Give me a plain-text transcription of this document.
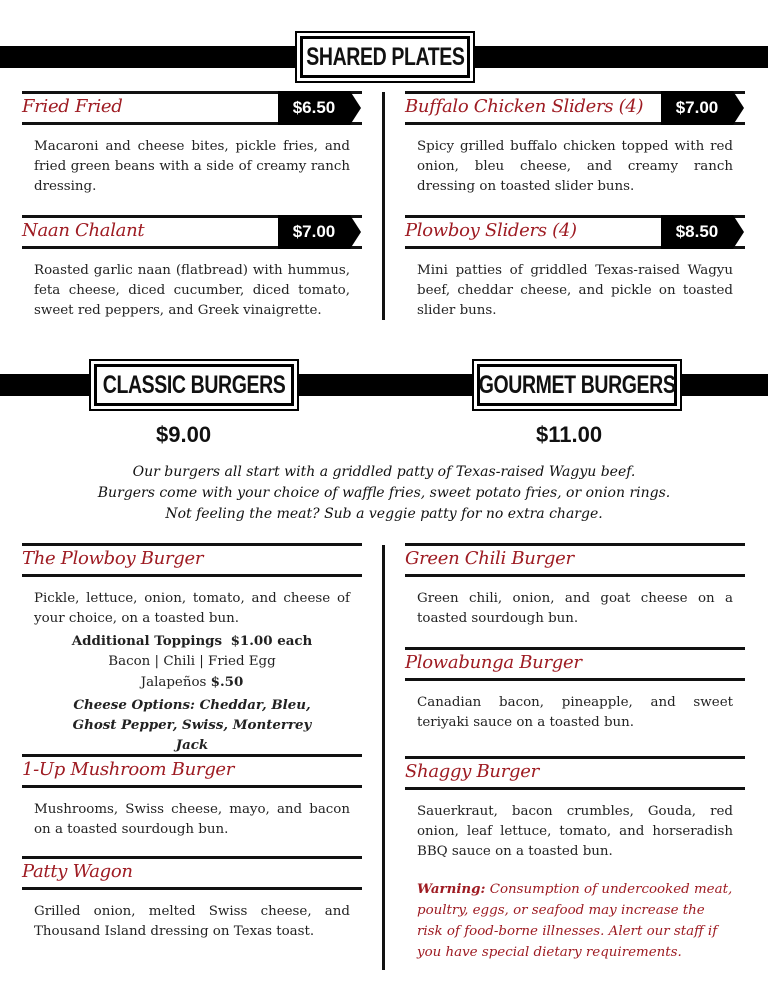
SHARED PLATES
Fried Fried	$6.50
Macaroni and cheese bites, pickle fries, and fried green beans with a side of creamy ranch dressing.
Naan Chalant	$7.00
Roasted garlic naan (flatbread) with hummus, feta cheese, diced cucumber, diced tomato, sweet red peppers, and Greek vinaigrette.
Buffalo Chicken Sliders (4)	$7.00
Spicy grilled buffalo chicken topped with red onion, bleu cheese, and creamy ranch dressing on toasted slider buns.
Plowboy Sliders (4)	$8.50
Mini patties of griddled Texas-raised Wagyu beef, cheddar cheese, and pickle on toasted slider buns.
CLASSIC BURGERS	GOURMET BURGERS
$9.00	$11.00
Our burgers all start with a griddled patty of Texas-raised Wagyu beef.
Burgers come with your choice of waffle fries, sweet potato fries, or onion rings.
Not feeling the meat? Sub a veggie patty for no extra charge.
The Plowboy Burger
Pickle, lettuce, onion, tomato, and cheese of your choice, on a toasted bun.
Additional Toppings $1.00 each
Bacon | Chili | Fried Egg
Jalapeños $.50
Cheese Options: Cheddar, Bleu, Ghost Pepper, Swiss, Monterrey Jack
1-Up Mushroom Burger
Mushrooms, Swiss cheese, mayo, and bacon on a toasted sourdough bun.
Patty Wagon
Grilled onion, melted Swiss cheese, and Thousand Island dressing on Texas toast.
Green Chili Burger
Green chili, onion, and goat cheese on a toasted sourdough bun.
Plowabunga Burger
Canadian bacon, pineapple, and sweet teriyaki sauce on a toasted bun.
Shaggy Burger
Sauerkraut, bacon crumbles, Gouda, red onion, leaf lettuce, tomato, and horseradish BBQ sauce on a toasted bun.
Warning: Consumption of undercooked meat, poultry, eggs, or seafood may increase the risk of food-borne illnesses. Alert our staff if you have special dietary requirements.
